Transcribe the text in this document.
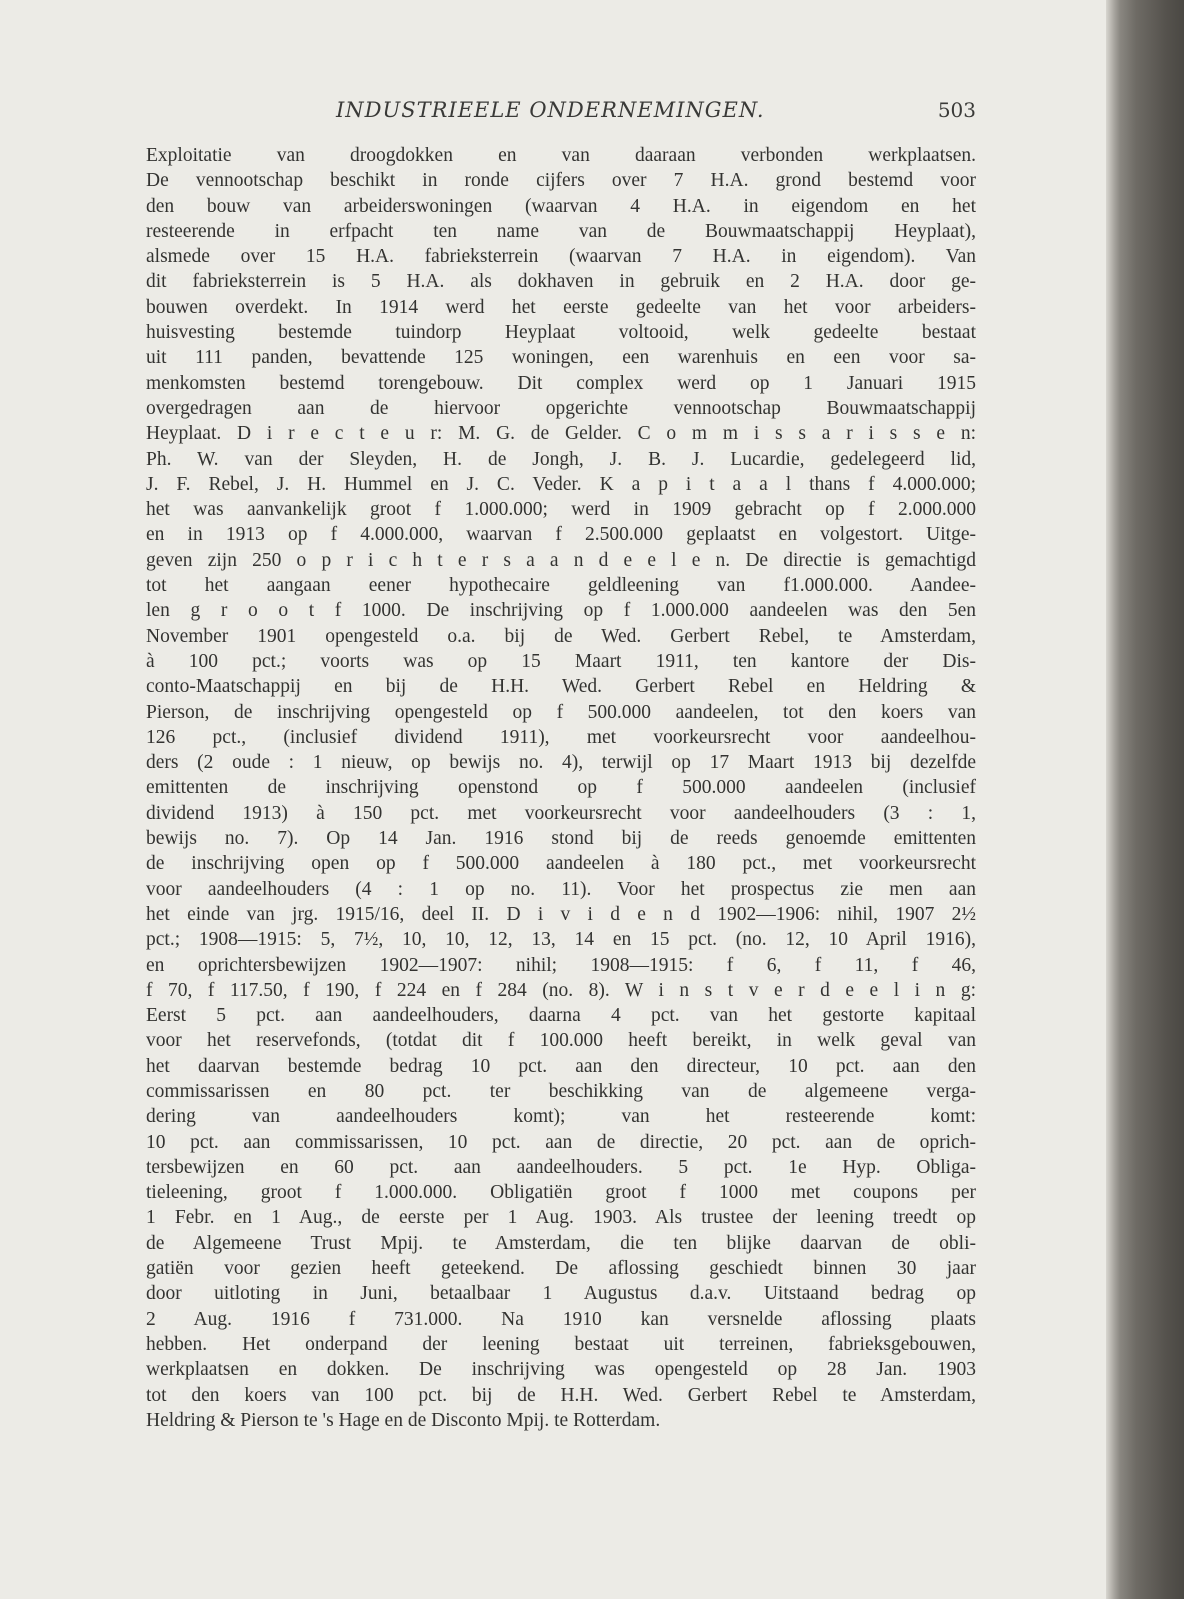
INDUSTRIEELE ONDERNEMINGEN.	503
Exploitatie van droogdokken en van daaraan verbonden werkplaatsen.
De vennootschap beschikt in ronde cijfers over 7 H.A. grond bestemd voor
den bouw van arbeiderswoningen (waarvan 4 H.A. in eigendom en het
resteerende in erfpacht ten name van de Bouwmaatschappij Heyplaat),
alsmede over 15 H.A. fabrieksterrein (waarvan 7 H.A. in eigendom). Van
dit fabrieksterrein is 5 H.A. als dokhaven in gebruik en 2 H.A. door ge-
bouwen overdekt. In 1914 werd het eerste gedeelte van het voor arbeiders-
huisvesting bestemde tuindorp Heyplaat voltooid, welk gedeelte bestaat
uit 111 panden, bevattende 125 woningen, een warenhuis en een voor sa-
menkomsten bestemd torengebouw. Dit complex werd op 1 Januari 1915
overgedragen aan de hiervoor opgerichte vennootschap Bouwmaatschappij
Heyplaat. D i r e c t e u r: M. G. de Gelder. C o m m i s s a r i s s e n:
Ph. W. van der Sleyden, H. de Jongh, J. B. J. Lucardie, gedelegeerd lid,
J. F. Rebel, J. H. Hummel en J. C. Veder. K a p i t a a l thans f 4.000.000;
het was aanvankelijk groot f 1.000.000; werd in 1909 gebracht op f 2.000.000
en in 1913 op f 4.000.000, waarvan f 2.500.000 geplaatst en volgestort. Uitge-
geven zijn 250 o p r i c h t e r s a a n d e e l e n. De directie is gemachtigd
tot het aangaan eener hypothecaire geldleening van f1.000.000. Aandee-
len g r o o t f 1000. De inschrijving op f 1.000.000 aandeelen was den 5en
November 1901 opengesteld o.a. bij de Wed. Gerbert Rebel, te Amsterdam,
à 100 pct.; voorts was op 15 Maart 1911, ten kantore der Dis-
conto-Maatschappij en bij de H.H. Wed. Gerbert Rebel en Heldring &
Pierson, de inschrijving opengesteld op f 500.000 aandeelen, tot den koers van
126 pct., (inclusief dividend 1911), met voorkeursrecht voor aandeelhou-
ders (2 oude : 1 nieuw, op bewijs no. 4), terwijl op 17 Maart 1913 bij dezelfde
emittenten de inschrijving openstond op f 500.000 aandeelen (inclusief
dividend 1913) à 150 pct. met voorkeursrecht voor aandeelhouders (3 : 1,
bewijs no. 7). Op 14 Jan. 1916 stond bij de reeds genoemde emittenten
de inschrijving open op f 500.000 aandeelen à 180 pct., met voorkeursrecht
voor aandeelhouders (4 : 1 op no. 11). Voor het prospectus zie men aan
het einde van jrg. 1915/16, deel II. D i v i d e n d 1902—1906: nihil, 1907 2½
pct.; 1908—1915: 5, 7½, 10, 10, 12, 13, 14 en 15 pct. (no. 12, 10 April 1916),
en oprichtersbewijzen 1902—1907: nihil; 1908—1915: f 6, f 11, f 46,
f 70, f 117.50, f 190, f 224 en f 284 (no. 8). W i n s t v e r d e e l i n g:
Eerst 5 pct. aan aandeelhouders, daarna 4 pct. van het gestorte kapitaal
voor het reservefonds, (totdat dit f 100.000 heeft bereikt, in welk geval van
het daarvan bestemde bedrag 10 pct. aan den directeur, 10 pct. aan den
commissarissen en 80 pct. ter beschikking van de algemeene verga-
dering van aandeelhouders komt); van het resteerende komt:
10 pct. aan commissarissen, 10 pct. aan de directie, 20 pct. aan de oprich-
tersbewijzen en 60 pct. aan aandeelhouders. 5 pct. 1e Hyp. Obliga-
tieleening, groot f 1.000.000. Obligatiën groot f 1000 met coupons per
1 Febr. en 1 Aug., de eerste per 1 Aug. 1903. Als trustee der leening treedt op
de Algemeene Trust Mpij. te Amsterdam, die ten blijke daarvan de obli-
gatiën voor gezien heeft geteekend. De aflossing geschiedt binnen 30 jaar
door uitloting in Juni, betaalbaar 1 Augustus d.a.v. Uitstaand bedrag op
2 Aug. 1916 f 731.000. Na 1910 kan versnelde aflossing plaats
hebben. Het onderpand der leening bestaat uit terreinen, fabrieksgebouwen,
werkplaatsen en dokken. De inschrijving was opengesteld op 28 Jan. 1903
tot den koers van 100 pct. bij de H.H. Wed. Gerbert Rebel te Amsterdam,
Heldring & Pierson te 's Hage en de Disconto Mpij. te Rotterdam.
